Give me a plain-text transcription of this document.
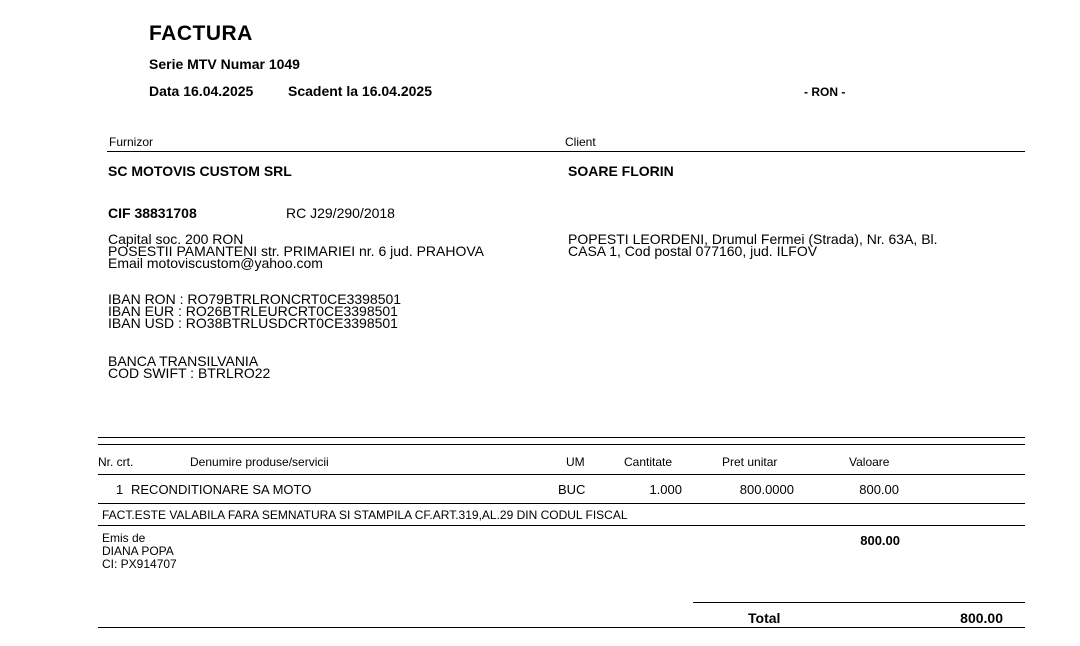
FACTURA
Serie MTV Numar 1049
Data 16.04.2025 Scadent la 16.04.2025	- RON -
Furnizor	Client
SC MOTOVIS CUSTOM SRL
CIF 38831708	RC J29/290/2018
Capital soc. 200 RON
POSESTII PAMANTENI str. PRIMARIEI nr. 6 jud. PRAHOVA
Email motoviscustom@yahoo.com
IBAN RON : RO79BTRLRONCRT0CE3398501
IBAN EUR : RO26BTRLEURCRT0CE3398501
IBAN USD : RO38BTRLUSDCRT0CE3398501
BANCA TRANSILVANIA
COD SWIFT : BTRLRO22
SOARE FLORIN
POPESTI LEORDENI, Drumul Fermei (Strada), Nr. 63A, Bl.
CASA 1, Cod postal 077160, jud. ILFOV
Nr. crt.	Denumire produse/servicii	UM	Cantitate	Pret unitar	Valoare
1 RECONDITIONARE SA MOTO	BUC	1.000	800.0000	800.00
FACT.ESTE VALABILA FARA SEMNATURA SI STAMPILA CF.ART.319,AL.29 DIN CODUL FISCAL
Emis de
DIANA POPA
CI: PX914707
800.00
Total	800.00
